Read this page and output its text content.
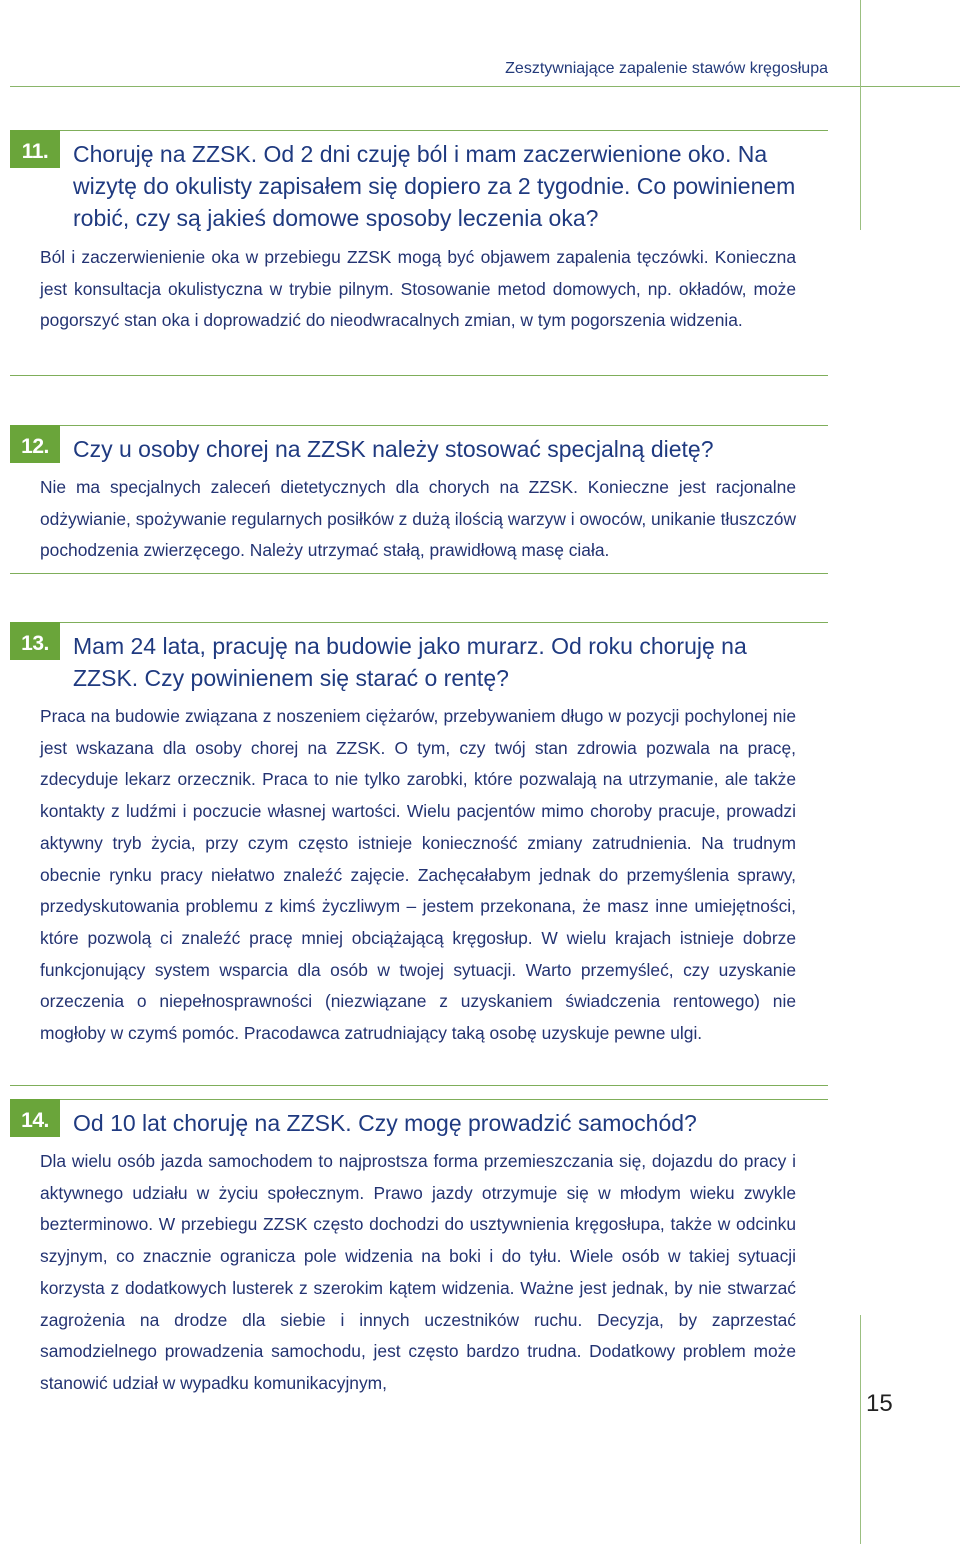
Zesztywniające zapalenie stawów kręgosłupa
11.	Choruję na ZZSK. Od 2 dni czuję ból i mam zaczerwienione oko. Na wizytę do okulisty zapisałem się dopiero za 2 tygodnie. Co powinienem robić, czy są jakieś domowe sposoby leczenia oka?
Ból i zaczerwienienie oka w przebiegu ZZSK mogą być objawem zapalenia tęczówki. Konieczna jest konsultacja okulistyczna w trybie pilnym. Stosowanie metod domowych, np. okładów, może pogorszyć stan oka i doprowadzić do nieodwracalnych zmian, w tym pogorszenia widzenia.
12.	Czy u osoby chorej na ZZSK należy stosować specjalną dietę?
Nie ma specjalnych zaleceń dietetycznych dla chorych na ZZSK. Konieczne jest racjonalne odżywianie, spożywanie regularnych posiłków z dużą ilością warzyw i owoców, unikanie tłuszczów pochodzenia zwierzęcego. Należy utrzymać stałą, prawidłową masę ciała.
13.	Mam 24 lata, pracuję na budowie jako murarz. Od roku choruję na ZZSK. Czy powinienem się starać o rentę?
Praca na budowie związana z noszeniem ciężarów, przebywaniem długo w pozycji pochylonej nie jest wskazana dla osoby chorej na ZZSK. O tym, czy twój stan zdrowia pozwala na pracę, zdecyduje lekarz orzecznik. Praca to nie tylko zarobki, które pozwalają na utrzymanie, ale także kontakty z ludźmi i poczucie własnej wartości. Wielu pacjentów mimo choroby pracuje, prowadzi aktywny tryb życia, przy czym często istnieje konieczność zmiany zatrudnienia. Na trudnym obecnie rynku pracy niełatwo znaleźć zajęcie. Zachęcałabym jednak do przemyślenia sprawy, przedyskutowania problemu z kimś życzliwym – jestem przekonana, że masz inne umiejętności, które pozwolą ci znaleźć pracę mniej obciążającą kręgosłup. W wielu krajach istnieje dobrze funkcjonujący system wsparcia dla osób w twojej sytuacji. Warto przemyśleć, czy uzyskanie orzeczenia o niepełnosprawności (niezwiązane z uzyskaniem świadczenia rentowego) nie mogłoby w czymś pomóc. Pracodawca zatrudniający taką osobę uzyskuje pewne ulgi.
14.	Od 10 lat choruję na ZZSK. Czy mogę prowadzić samochód?
Dla wielu osób jazda samochodem to najprostsza forma przemieszczania się, dojazdu do pracy i aktywnego udziału w życiu społecznym. Prawo jazdy otrzymuje się w młodym wieku zwykle bezterminowo. W przebiegu ZZSK często dochodzi do usztywnienia kręgosłupa, także w odcinku szyjnym, co znacznie ogranicza pole widzenia na boki i do tyłu. Wiele osób w takiej sytuacji korzysta z dodatkowych lusterek z szerokim kątem widzenia. Ważne jest jednak, by nie stwarzać zagrożenia na drodze dla siebie i innych uczestników ruchu. Decyzja, by zaprzestać samodzielnego prowadzenia samochodu, jest często bardzo trudna. Dodatkowy problem może stanowić udział w wypadku komunikacyjnym,
15
